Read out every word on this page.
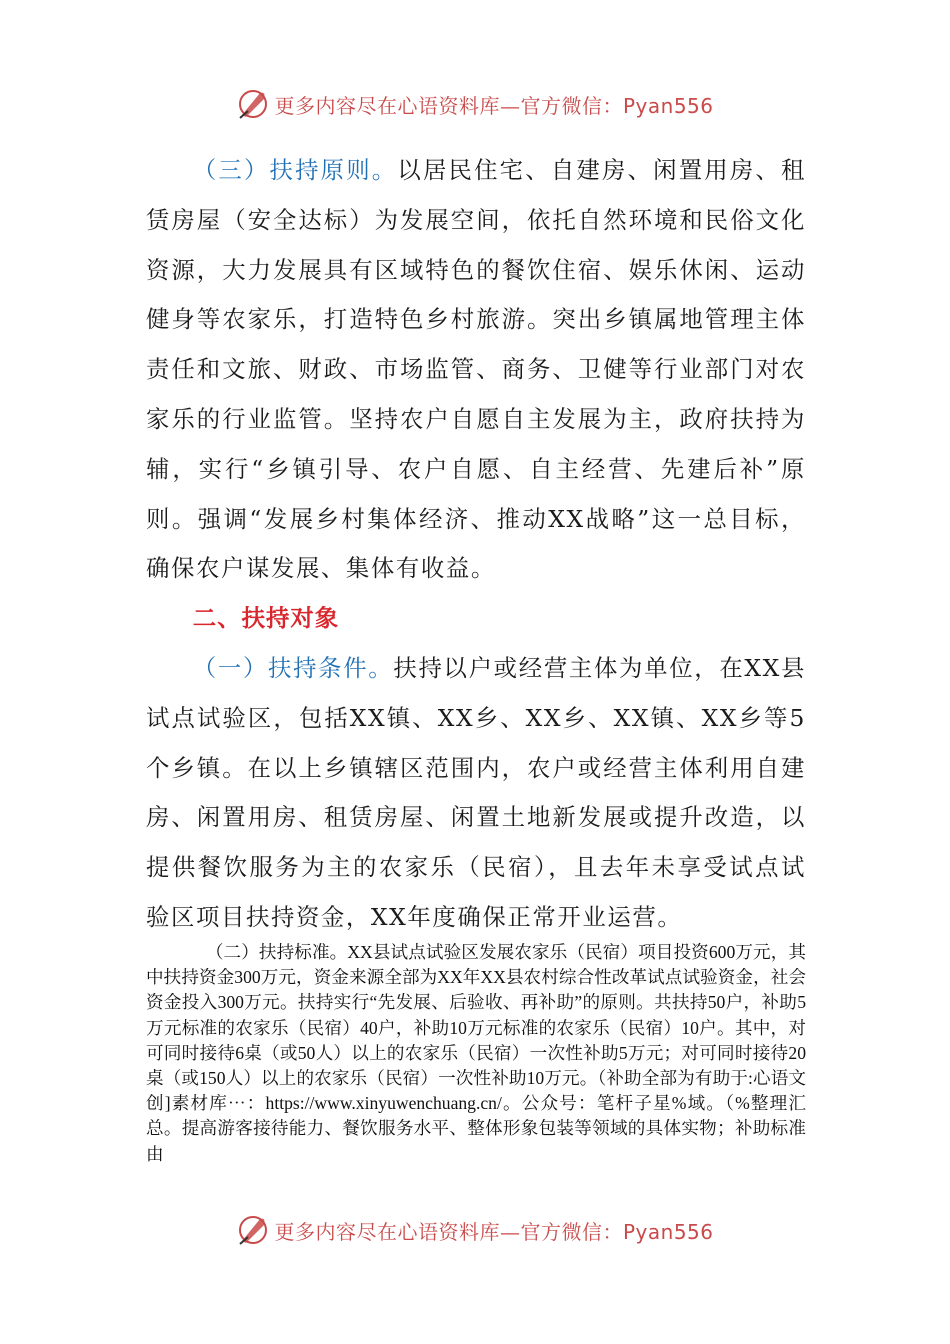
更多内容尽在心语资料库—官方微信：Pyan556

（三）扶持原则。以居民住宅、自建房、闲置用房、租赁房屋（安全达标）为发展空间，依托自然环境和民俗文化资源，大力发展具有区域特色的餐饮住宿、娱乐休闲、运动健身等农家乐，打造特色乡村旅游。突出乡镇属地管理主体责任和文旅、财政、市场监管、商务、卫健等行业部门对农家乐的行业监管。坚持农户自愿自主发展为主，政府扶持为辅，实行“乡镇引导、农户自愿、自主经营、先建后补”原则。强调“发展乡村集体经济、推动XX战略”这一总目标，确保农户谋发展、集体有收益。

二、扶持对象

（一）扶持条件。扶持以户或经营主体为单位，在XX县试点试验区，包括XX镇、XX乡、XX乡、XX镇、XX乡等5个乡镇。在以上乡镇辖区范围内，农户或经营主体利用自建房、闲置用房、租赁房屋、闲置土地新发展或提升改造，以提供餐饮服务为主的农家乐（民宿），且去年未享受试点试验区项目扶持资金，XX年度确保正常开业运营。

（二）扶持标准。XX县试点试验区发展农家乐（民宿）项目投资600万元，其中扶持资金300万元，资金来源全部为XX年XX县农村综合性改革试点试验资金，社会资金投入300万元。扶持实行“先发展、后验收、再补助”的原则。共扶持50户，补助5万元标准的农家乐（民宿）40户，补助10万元标准的农家乐（民宿）10户。其中，对可同时接待6桌（或50人）以上的农家乐（民宿）一次性补助5万元；对可同时接待20桌（或150人）以上的农家乐（民宿）一次性补助10万元。（补助全部为有助于:心语文创]素材库⋯：https://www.xinyuwenchuang.cn/。公众号：笔杆子星%域。（%整理汇总。提高游客接待能力、餐饮服务水平、整体形象包装等领域的具体实物；补助标准由

更多内容尽在心语资料库—官方微信：Pyan556
